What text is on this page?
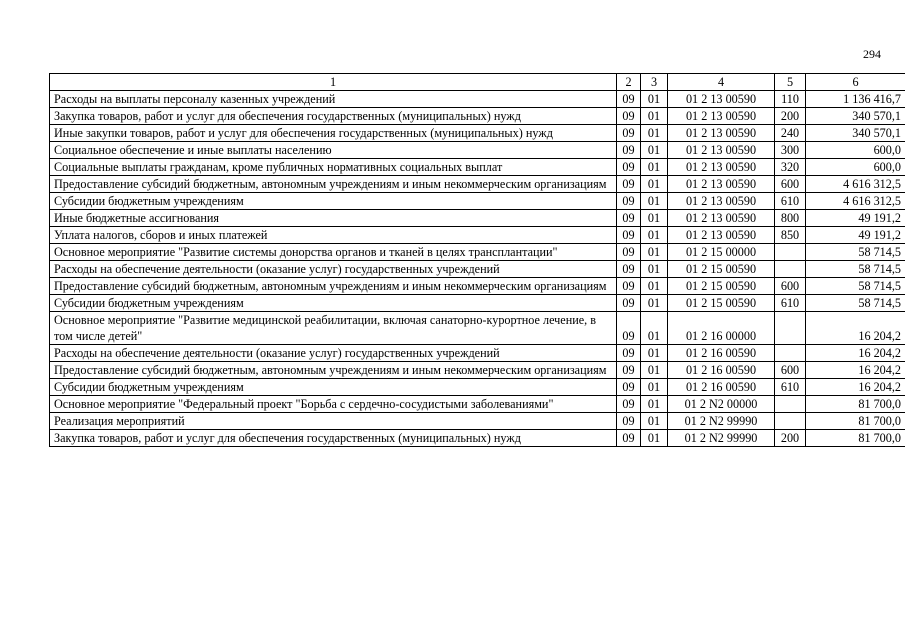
294
1	2	3	4	5	6
Расходы на выплаты персоналу казенных учреждений	09	01	01 2 13 00590	110	1 136 416,7
Закупка товаров, работ и услуг для обеспечения государственных (муниципальных) нужд	09	01	01 2 13 00590	200	340 570,1
Иные закупки товаров, работ и услуг для обеспечения государственных (муниципальных) нужд	09	01	01 2 13 00590	240	340 570,1
Социальное обеспечение и иные выплаты населению	09	01	01 2 13 00590	300	600,0
Социальные выплаты гражданам, кроме публичных нормативных социальных выплат	09	01	01 2 13 00590	320	600,0
Предоставление субсидий бюджетным, автономным учреждениям и иным некоммерческим организациям	09	01	01 2 13 00590	600	4 616 312,5
Субсидии бюджетным учреждениям	09	01	01 2 13 00590	610	4 616 312,5
Иные бюджетные ассигнования	09	01	01 2 13 00590	800	49 191,2
Уплата налогов, сборов и иных платежей	09	01	01 2 13 00590	850	49 191,2
Основное мероприятие "Развитие системы донорства органов и тканей в целях трансплантации"	09	01	01 2 15 00000		58 714,5
Расходы на обеспечение деятельности (оказание услуг) государственных учреждений	09	01	01 2 15 00590		58 714,5
Предоставление субсидий бюджетным, автономным учреждениям и иным некоммерческим организациям	09	01	01 2 15 00590	600	58 714,5
Субсидии бюджетным учреждениям	09	01	01 2 15 00590	610	58 714,5
Основное мероприятие "Развитие медицинской реабилитации, включая санаторно-курортное лечение, в том числе детей"	09	01	01 2 16 00000		16 204,2
Расходы на обеспечение деятельности (оказание услуг) государственных учреждений	09	01	01 2 16 00590		16 204,2
Предоставление субсидий бюджетным, автономным учреждениям и иным некоммерческим организациям	09	01	01 2 16 00590	600	16 204,2
Субсидии бюджетным учреждениям	09	01	01 2 16 00590	610	16 204,2
Основное мероприятие "Федеральный проект "Борьба с сердечно-сосудистыми заболеваниями"	09	01	01 2 N2 00000		81 700,0
Реализация мероприятий	09	01	01 2 N2 99990		81 700,0
Закупка товаров, работ и услуг для обеспечения государственных (муниципальных) нужд	09	01	01 2 N2 99990	200	81 700,0
